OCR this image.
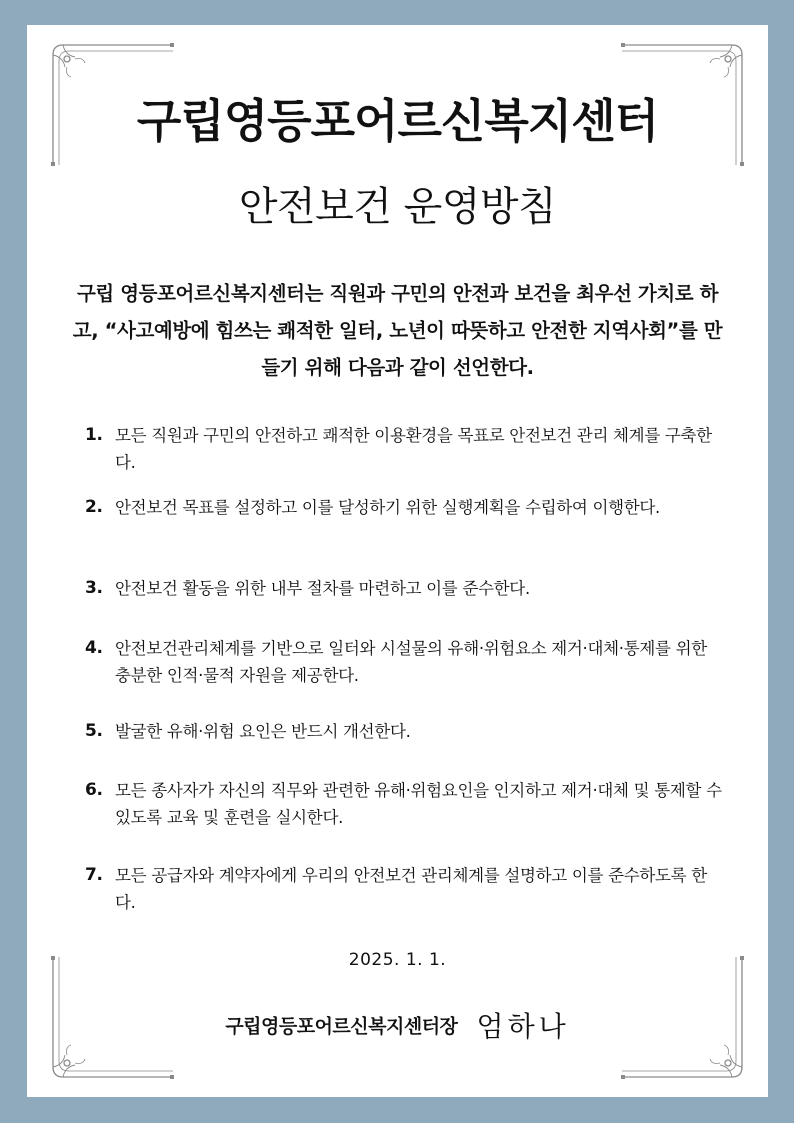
구립영등포어르신복지센터
안전보건 운영방침
구립 영등포어르신복지센터는 직원과 구민의 안전과 보건을 최우선 가치로 하고, “사고예방에 힘쓰는 쾌적한 일터, 노년이 따뜻하고 안전한 지역사회”를 만들기 위해 다음과 같이 선언한다.
1. 모든 직원과 구민의 안전하고 쾌적한 이용환경을 목표로 안전보건 관리 체계를 구축한다.
2. 안전보건 목표를 설정하고 이를 달성하기 위한 실행계획을 수립하여 이행한다.
3. 안전보건 활동을 위한 내부 절차를 마련하고 이를 준수한다.
4. 안전보건관리체계를 기반으로 일터와 시설물의 유해·위험요소 제거·대체·통제를 위한 충분한 인적·물적 자원을 제공한다.
5. 발굴한 유해·위험 요인은 반드시 개선한다.
6. 모든 종사자가 자신의 직무와 관련한 유해·위험요인을 인지하고 제거·대체 및 통제할 수 있도록 교육 및 훈련을 실시한다.
7. 모든 공급자와 계약자에게 우리의 안전보건 관리체계를 설명하고 이를 준수하도록 한다.
2025. 1. 1.
구립영등포어르신복지센터장 엄하나
